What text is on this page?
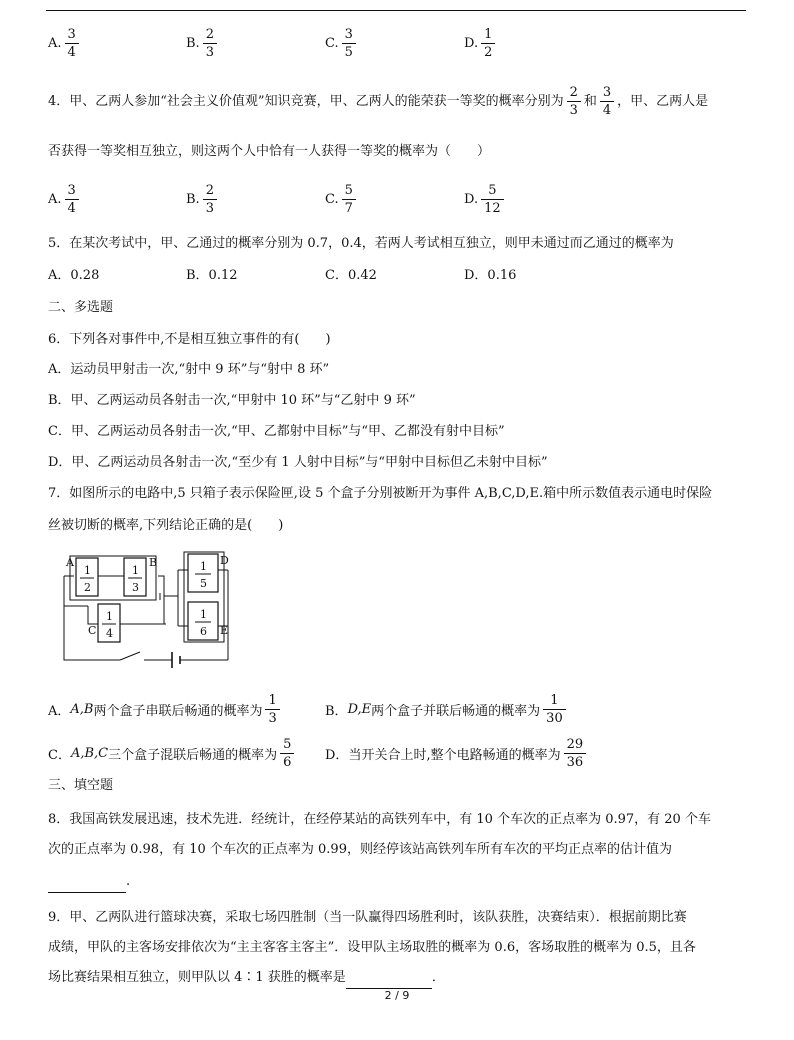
A. $\frac{3}{4}$	B. $\frac{2}{3}$	C. $\frac{3}{5}$	D. $\frac{1}{2}$
4．甲、乙两人参加“社会主义价值观”知识竞赛，甲、乙两人的能荣获一等奖的概率分别为 $\frac{2}{3}$ 和 $\frac{3}{4}$ ，甲、乙两人是
否获得一等奖相互独立，则这两个人中恰有一人获得一等奖的概率为（　　）
A. $\frac{3}{4}$	B. $\frac{2}{3}$	C. $\frac{5}{7}$	D. $\frac{5}{12}$
5．在某次考试中，甲、乙通过的概率分别为 0.7，0.4，若两人考试相互独立，则甲未通过而乙通过的概率为
A．0.28	B．0.12	C．0.42	D．0.16
二、多选题
6．下列各对事件中,不是相互独立事件的有(　　)
A．运动员甲射击一次,“射中 9 环”与“射中 8 环”
B．甲、乙两运动员各射击一次,“甲射中 10 环”与“乙射中 9 环”
C．甲、乙两运动员各射击一次,“甲、乙都射中目标”与“甲、乙都没有射中目标”
D．甲、乙两运动员各射击一次,“至少有 1 人射中目标”与“甲射中目标但乙未射中目标”
7．如图所示的电路中,5 只箱子表示保险匣,设 5 个盒子分别被断开为事件 A,B,C,D,E.箱中所示数值表示通电时保险
丝被切断的概率,下列结论正确的是(　　)
A
1
2
B
1
3
C
1
4
D
1
5
E
1
6
A． A,B 两个盒子串联后畅通的概率为 $\frac{1}{3}$	B． D,E 两个盒子并联后畅通的概率为 $\frac{1}{30}$
C． A,B,C 三个盒子混联后畅通的概率为 $\frac{5}{6}$ D． 当开关合上时,整个电路畅通的概率为 $\frac{29}{36}$
三、填空题
8．我国高铁发展迅速，技术先进．经统计，在经停某站的高铁列车中，有 10 个车次的正点率为 0.97，有 20 个车
次的正点率为 0.98，有 10 个车次的正点率为 0.99，则经停该站高铁列车所有车次的平均正点率的估计值为
.
9．甲、乙两队进行篮球决赛，采取七场四胜制（当一队赢得四场胜利时，该队获胜，决赛结束）．根据前期比赛
成绩，甲队的主客场安排依次为“主主客客主客主”．设甲队主场取胜的概率为 0.6，客场取胜的概率为 0.5，且各
场比赛结果相互独立，则甲队以 4∶1 获胜的概率是	．
2 / 9
